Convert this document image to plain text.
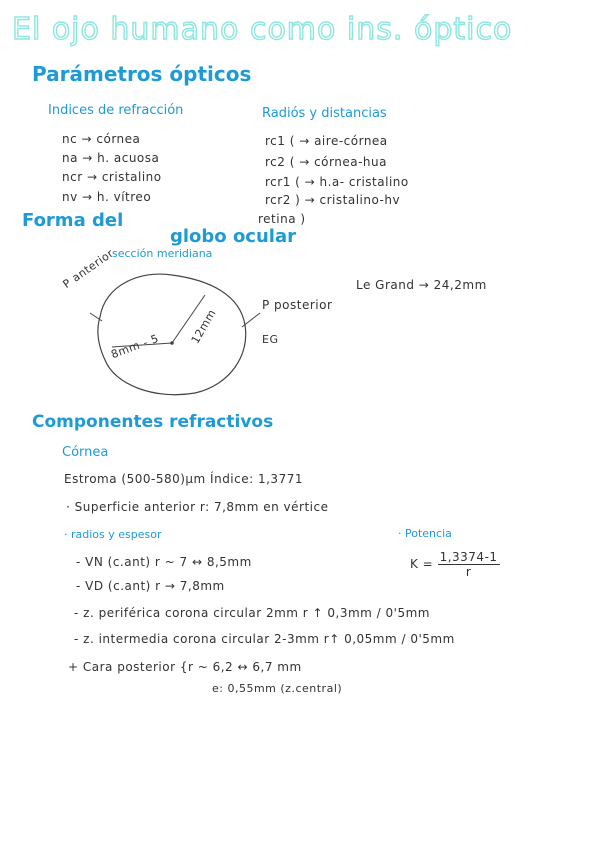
El ojo humano como ins. óptico
Parámetros ópticos
Indices de refracción	Radiós y distancias
nc → córnea
na → h. acuosa
ncr → cristalino
nv → h. vítreo
rc1 ( → aire-córnea
rc2 ( → córnea-hua
rcr1 ( → h.a- cristalino
rcr2 ) → cristalino-hv
retina )
Forma del
globo ocular
sección meridiana
P anterior
P posterior
EG
8mm - 5
12mm
Le Grand → 24,2mm
Componentes refractivos
Córnea
Estroma (500-580)μm Índice: 1,3771
· Superficie anterior r: 7,8mm en vértice
· radios y espesor	· Potencia
$K = \frac{1,3374-1}{r}$
- VN (c.ant) r ~ 7 ↔ 8,5mm
- VD (c.ant) r → 7,8mm
- z. periférica corona circular 2mm r ↑ 0,3mm / 0'5mm
- z. intermedia corona circular 2-3mm r↑ 0,05mm / 0'5mm
+ Cara posterior {r ~ 6,2 ↔ 6,7 mm
e: 0,55mm (z.central)
